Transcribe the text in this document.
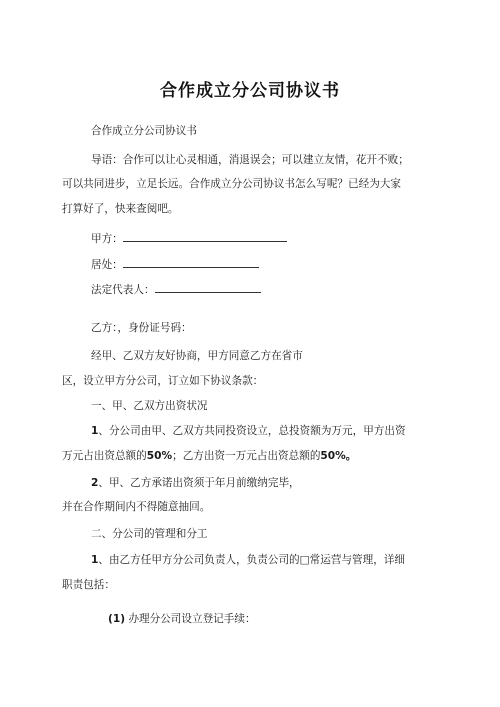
合作成立分公司协议书
合作成立分公司协议书
导语：合作可以让心灵相通，消退误会；可以建立友情，花开不败；
可以共同进步，立足长远。合作成立分公司协议书怎么写呢？已经为大家
打算好了，快来查阅吧。
甲方：
居处：
法定代表人：
乙方：，身份证号码：
经甲、乙双方友好协商，甲方同意乙方在省市
区，设立甲方分公司，订立如下协议条款：
一、甲、乙双方出资状况
1、分公司由甲、乙双方共同投资设立，总投资额为万元，甲方出资
万元占出资总额的50%；乙方出资一万元占出资总额的50%。
2、甲、乙方承诺出资须于年月前缴纳完毕，
并在合作期间内不得随意抽回。
二、分公司的管理和分工
1、由乙方任甲方分公司负责人，负责公司的□常运营与管理，详细
职责包括：
(1) 办理分公司设立登记手续：
